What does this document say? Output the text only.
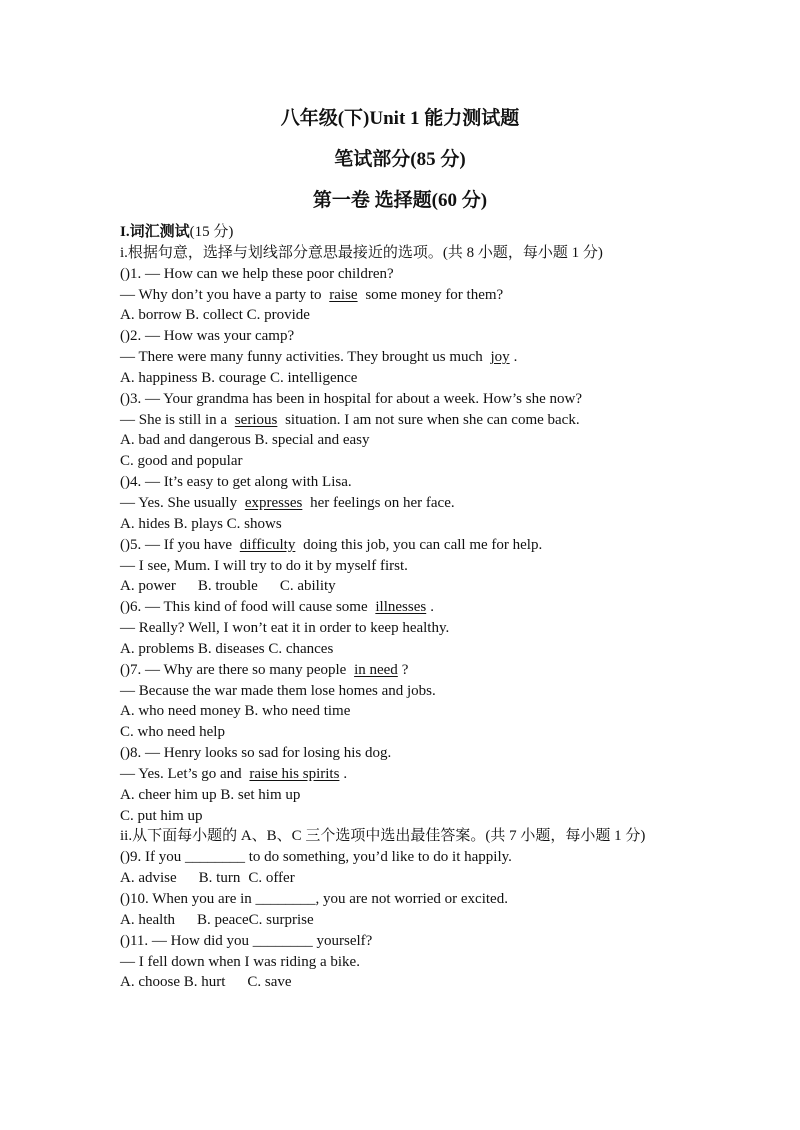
八年级(下)Unit 1 能力测试题
笔试部分(85 分)
第一卷 选择题(60 分)
I.词汇测试(15 分)
i.根据句意，选择与划线部分意思最接近的选项。(共 8 小题，每小题 1 分)
()1. — How can we help these poor children?
— Why don’t you have a party to raise some money for them?
A. borrow B. collect C. provide
()2. — How was your camp?
— There were many funny activities. They brought us much joy .
A. happiness B. courage C. intelligence
()3. — Your grandma has been in hospital for about a week. How’s she now?
— She is still in a serious situation. I am not sure when she can come back.
A. bad and dangerous B. special and easy
C. good and popular
()4. — It’s easy to get along with Lisa.
— Yes. She usually expresses her feelings on her face.
A. hides B. plays C. shows
()5. — If you have difficulty doing this job, you can call me for help.
— I see, Mum. I will try to do it by myself first.
A. power B. trouble C. ability
()6. — This kind of food will cause some illnesses .
— Really? Well, I won’t eat it in order to keep healthy.
A. problems B. diseases C. chances
()7. — Why are there so many people in need ?
— Because the war made them lose homes and jobs.
A. who need money B. who need time
C. who need help
()8. — Henry looks so sad for losing his dog.
— Yes. Let’s go and raise his spirits .
A. cheer him up B. set him up
C. put him up
ii.从下面每小题的 A、B、C 三个选项中选出最佳答案。(共 7 小题，每小题 1 分)
()9. If you ________ to do something, you’d like to do it happily.
A. advise B. turn C. offer
()10. When you are in ________, you are not worried or excited.
A. health B. peaceC. surprise
()11. — How did you ________ yourself?
— I fell down when I was riding a bike.
A. choose B. hurt C. save
